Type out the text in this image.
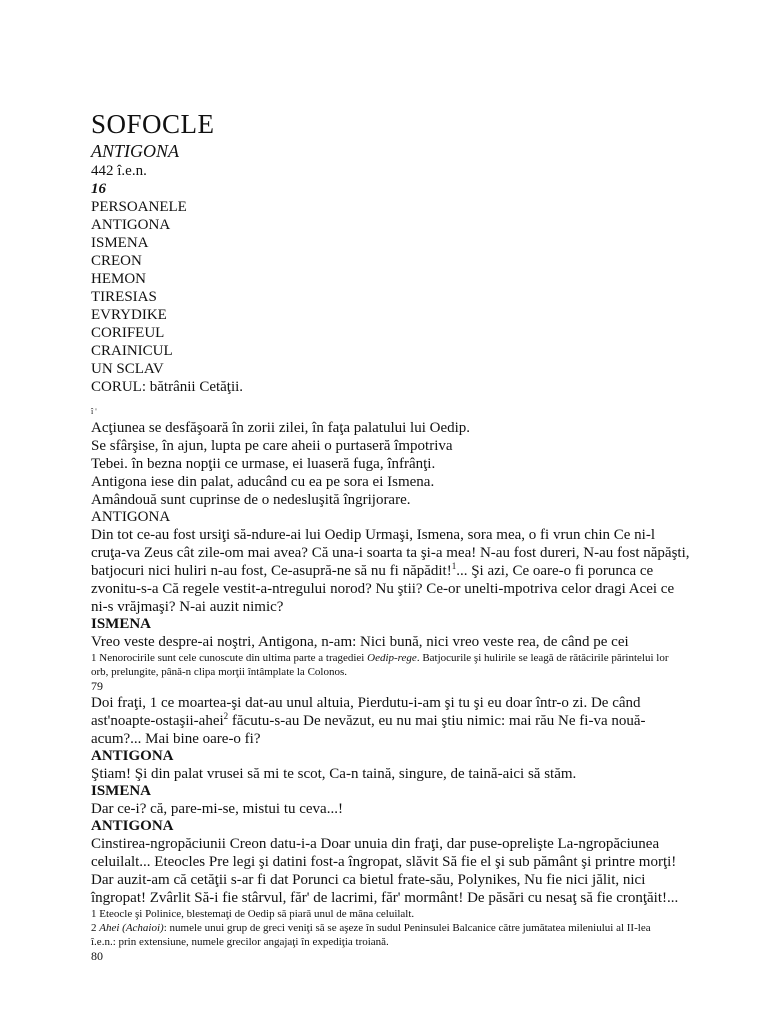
SOFOCLE
ANTIGONA
442 î.e.n.
16
PERSOANELE
ANTIGONA
ISMENA
CREON
HEMON
TIRESIAS
EVRYDIKE
CORIFEUL
CRAINICUL
UN SCLAV
CORUL: bătrânii Cetăţii.
î '
Acţiunea se desfăşoară în zorii zilei, în faţa palatului lui Oedip.
Se sfârşise, în ajun, lupta pe care aheii o purtaseră împotriva
Tebei. în bezna nopţii ce urmase, ei luaseră fuga, înfrânţi.
Antigona iese din palat, aducând cu ea pe sora ei Ismena.
Amândouă sunt cuprinse de o nedesluşită îngrijorare.
ANTIGONA
Din tot ce-au fost ursiţi să-ndure-ai lui Oedip Urmaşi, Ismena, sora mea, o fi vrun chin Ce ni-l cruţa-va Zeus cât zile-om mai avea? Că una-i soarta ta şi-a mea! N-au fost dureri, N-au fost năpăşti, batjocuri nici huliri n-au fost, Ce-asupră-ne să nu fi năpădit!$^1$... Şi azi, Ce oare-o fi porunca ce zvonitu-s-a Că regele vestit-a-ntregului norod? Nu ştii? Ce-or unelti-mpotriva celor dragi Acei ce ni-s vrăjmaşi? N-ai auzit nimic?
ISMENA
Vreo veste despre-ai noştri, Antigona, n-am: Nici bună, nici vreo veste rea, de când pe cei
1 Nenorocirile sunt cele cunoscute din ultima parte a tragediei Oedip-rege. Batjocurile şi hulirile se leagă de rătăcirile părintelui lor orb, prelungite, până-n clipa morţii întâmplate la Colonos.
79
Doi fraţi, 1 ce moartea-şi dat-au unul altuia, Pierdutu-i-am şi tu şi eu doar într-o zi. De când ast'noapte-ostaşii-ahei$^2$ făcutu-s-au De nevăzut, eu nu mai ştiu nimic: mai rău Ne fi-va nouă-acum?... Mai bine oare-o fi?
ANTIGONA
Ştiam! Şi din palat vrusei să mi te scot, Ca-n taină, singure, de taină-aici să stăm.
ISMENA
Dar ce-i? că, pare-mi-se, mistui tu ceva...!
ANTIGONA
Cinstirea-ngropăciunii Creon datu-i-a Doar unuia din fraţi, dar puse-oprelişte La-ngropăciunea celuilalt... Eteocles Pre legi şi datini fost-a îngropat, slăvit Să fie el şi sub pământ şi printre morţi! Dar auzit-am că cetăţii s-ar fi dat Porunci ca bietul frate-său, Polynikes, Nu fie nici jălit, nici îngropat! Zvârlit Să-i fie stârvul, făr' de lacrimi, făr' mormânt! De păsări cu nesaţ să fie cronţăit!...
1 Eteocle şi Polinice, blestemaţi de Oedip să piară unul de mâna celuilalt.
2 Ahei (Achaioi): numele unui grup de greci veniţi să se aşeze în sudul Peninsulei Balcanice către jumătatea mileniului al II-lea î.e.n.: prin extensiune, numele grecilor angajaţi în expediţia troiană.
80
